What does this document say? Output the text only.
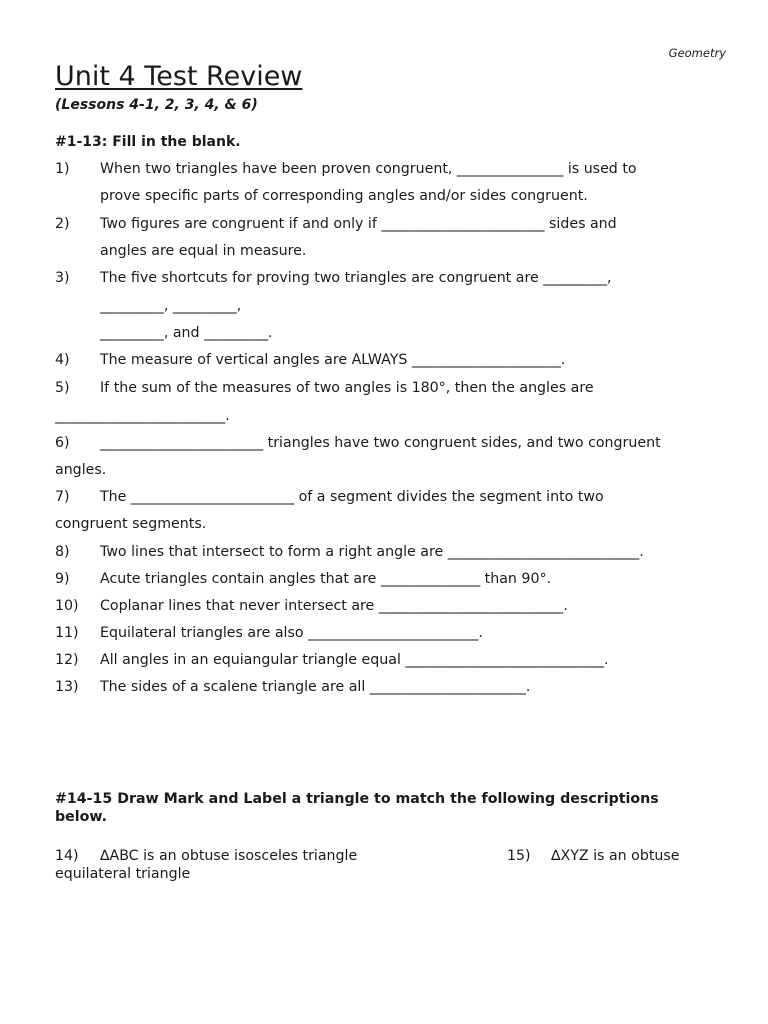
Geometry
Unit 4 Test Review
(Lessons 4-1, 2, 3, 4, & 6)
#1-13: Fill in the blank.
1) When two triangles have been proven congruent, _______________ is used to
prove specific parts of corresponding angles and/or sides congruent.
2) Two figures are congruent if and only if _______________________ sides and
angles are equal in measure.
3) The five shortcuts for proving two triangles are congruent are _________,
_________, _________,
_________, and _________.
4) The measure of vertical angles are ALWAYS _____________________.
5) If the sum of the measures of two angles is 180°, then the angles are
________________________.
6) _______________________ triangles have two congruent sides, and two congruent
angles.
7) The _______________________ of a segment divides the segment into two
congruent segments.
8) Two lines that intersect to form a right angle are ___________________________.
9) Acute triangles contain angles that are ______________ than 90°.
10) Coplanar lines that never intersect are __________________________.
11) Equilateral triangles are also ________________________.
12) All angles in an equiangular triangle equal ____________________________.
13) The sides of a scalene triangle are all ______________________.
#14-15 Draw Mark and Label a triangle to match the following descriptions
below.
14) ∆ABC is an obtuse isosceles triangle	15) ∆XYZ is an obtuse
equilateral triangle
